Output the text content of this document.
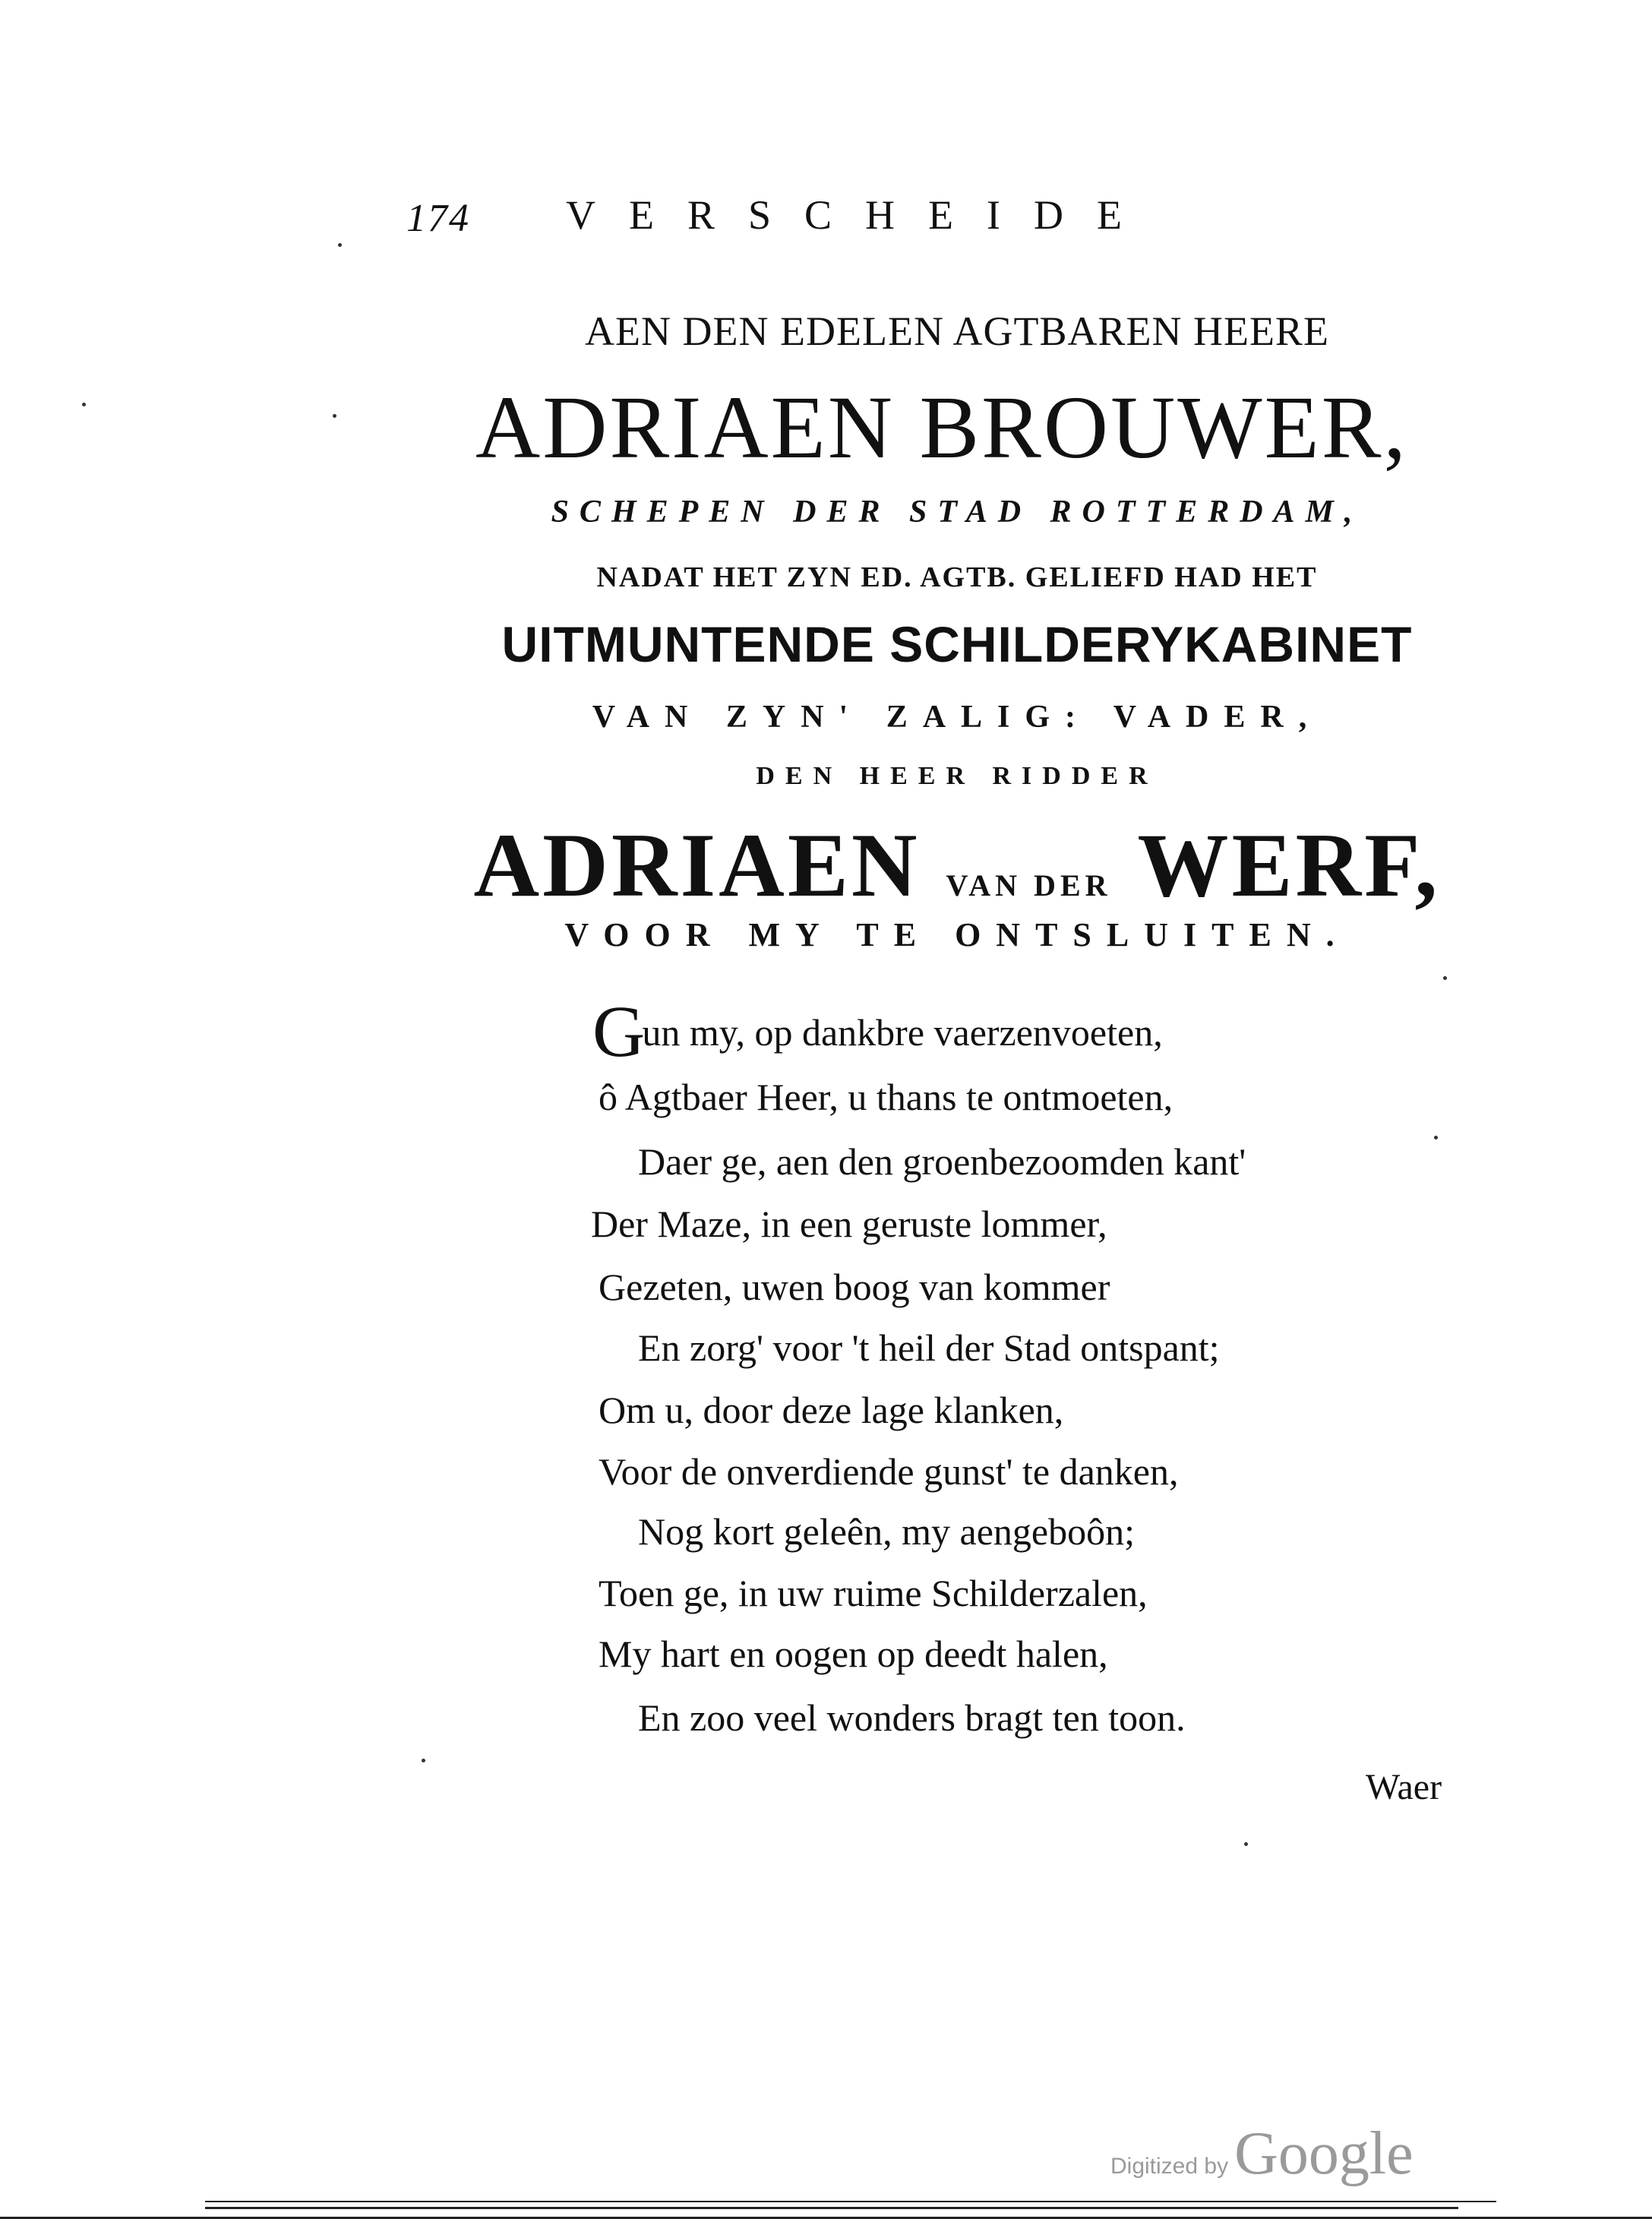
174 VERSCHEIDE
AEN DEN EDELEN AGTBAREN HEERE
ADRIAEN BROUWER,
SCHEPEN DER STAD ROTTERDAM,
NADAT HET ZYN ED. AGTB. GELIEFD HAD HET
UITMUNTENDE SCHILDERYKABINET
VAN ZYN' ZALIG: VADER,
DEN HEER RIDDER
ADRIAEN VAN DER WERF,
VOOR MY TE ONTSLUITEN.
Gun my, op dankbre vaerzenvoeten,
ô Agtbaer Heer, u thans te ontmoeten,
Daer ge, aen den groenbezoomden kant'
Der Maze, in een geruste lommer,
Gezeten, uwen boog van kommer
En zorg' voor 't heil der Stad ontspant;
Om u, door deze lage klanken,
Voor de onverdiende gunst' te danken,
Nog kort geleên, my aengeboôn;
Toen ge, in uw ruime Schilderzalen,
My hart en oogen op deedt halen,
En zoo veel wonders bragt ten toon.
Waer
Digitized by Google
